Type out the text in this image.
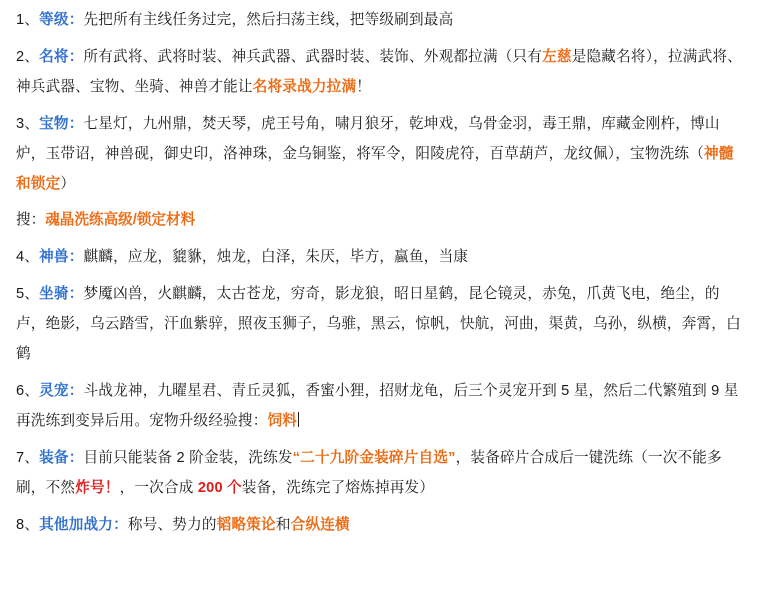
1、等级：先把所有主线任务过完，然后扫荡主线，把等级刷到最高

2、名将：所有武将、武将时装、神兵武器、武器时装、装饰、外观都拉满（只有左慈是隐藏名将），拉满武将、神兵武器、宝物、坐骑、神兽才能让名将录战力拉满！

3、宝物：七星灯，九州鼎，焚天琴，虎王号角，啸月狼牙，乾坤戏，乌骨金羽，毒王鼎，库藏金刚杵，博山炉，玉带诏，神兽砚，御史印，洛神珠，金乌铜鉴，将军令，阳陵虎符，百草葫芦，龙纹佩），宝物洗练（神髓和锁定）

搜：魂晶洗练高级/锁定材料

4、神兽：麒麟，应龙，貔貅，烛龙，白泽，朱厌，毕方，蠃鱼，当康

5、坐骑：梦魇凶兽，火麒麟，太古苍龙，穷奇，影龙狼，昭日星鹤，昆仑镜灵，赤兔，爪黄飞电，绝尘，的卢，绝影，乌云踏雪，汗血紫骍，照夜玉狮子，乌骓，黑云，惊帆，快航，河曲，渠黄，乌孙，纵横，奔霄，白鹤

6、灵宠：斗战龙神，九曜星君、青丘灵狐，香蜜小狸，招财龙龟，后三个灵宠开到 5 星，然后二代繁殖到 9 星再洗练到变异后用。宠物升级经验搜：饲料

7、装备：目前只能装备 2 阶金装，洗练发“二十九阶金装碎片自选”，装备碎片合成后一键洗练（一次不能多刷，不然炸号！，一次合成 200 个装备，洗练完了熔炼掉再发）

8、其他加战力：称号、势力的韬略策论和合纵连横
